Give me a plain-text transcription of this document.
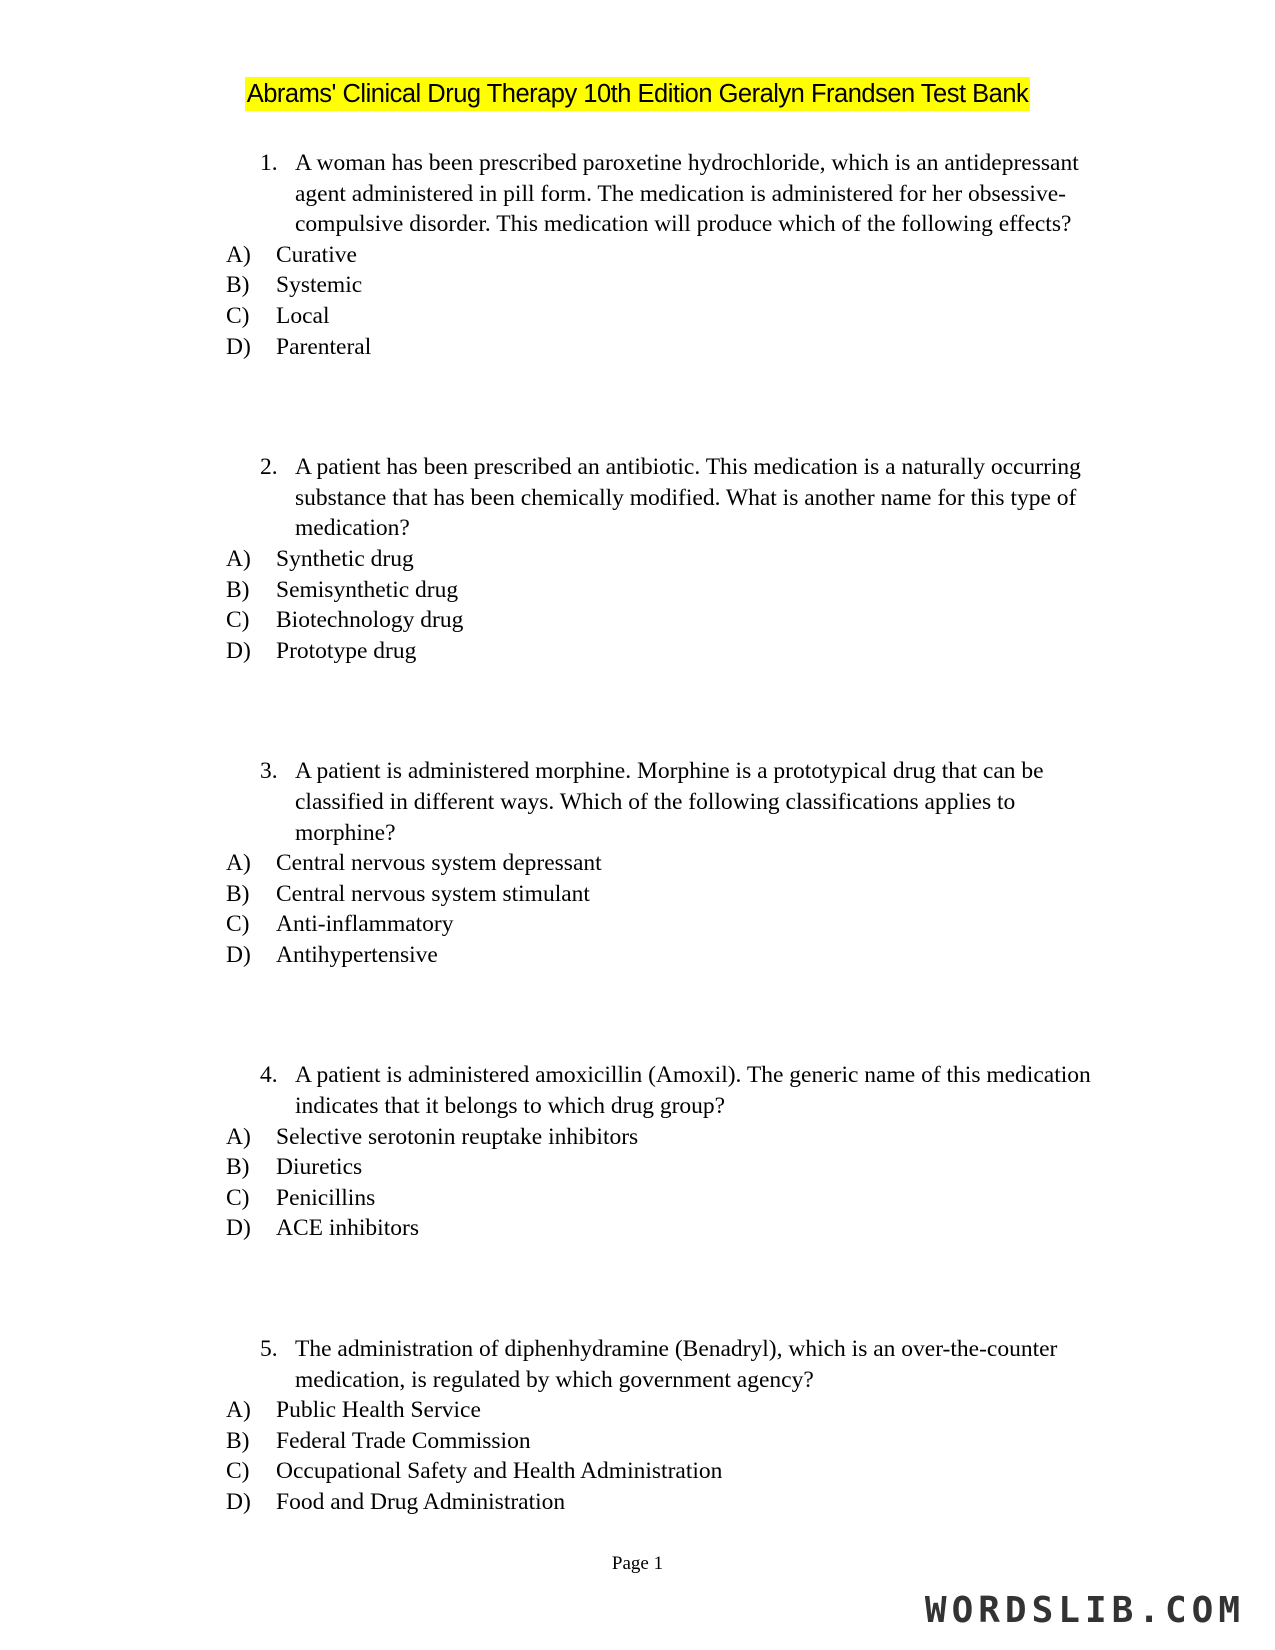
Abrams' Clinical Drug Therapy 10th Edition Geralyn Frandsen Test Bank
1. A woman has been prescribed paroxetine hydrochloride, which is an antidepressant agent administered in pill form. The medication is administered for her obsessive-compulsive disorder. This medication will produce which of the following effects?
A) Curative
B) Systemic
C) Local
D) Parenteral
2. A patient has been prescribed an antibiotic. This medication is a naturally occurring substance that has been chemically modified. What is another name for this type of medication?
A) Synthetic drug
B) Semisynthetic drug
C) Biotechnology drug
D) Prototype drug
3. A patient is administered morphine. Morphine is a prototypical drug that can be classified in different ways. Which of the following classifications applies to morphine?
A) Central nervous system depressant
B) Central nervous system stimulant
C) Anti-inflammatory
D) Antihypertensive
4. A patient is administered amoxicillin (Amoxil). The generic name of this medication indicates that it belongs to which drug group?
A) Selective serotonin reuptake inhibitors
B) Diuretics
C) Penicillins
D) ACE inhibitors
5. The administration of diphenhydramine (Benadryl), which is an over-the-counter medication, is regulated by which government agency?
A) Public Health Service
B) Federal Trade Commission
C) Occupational Safety and Health Administration
D) Food and Drug Administration
Page 1
WORDSLIB.COM
